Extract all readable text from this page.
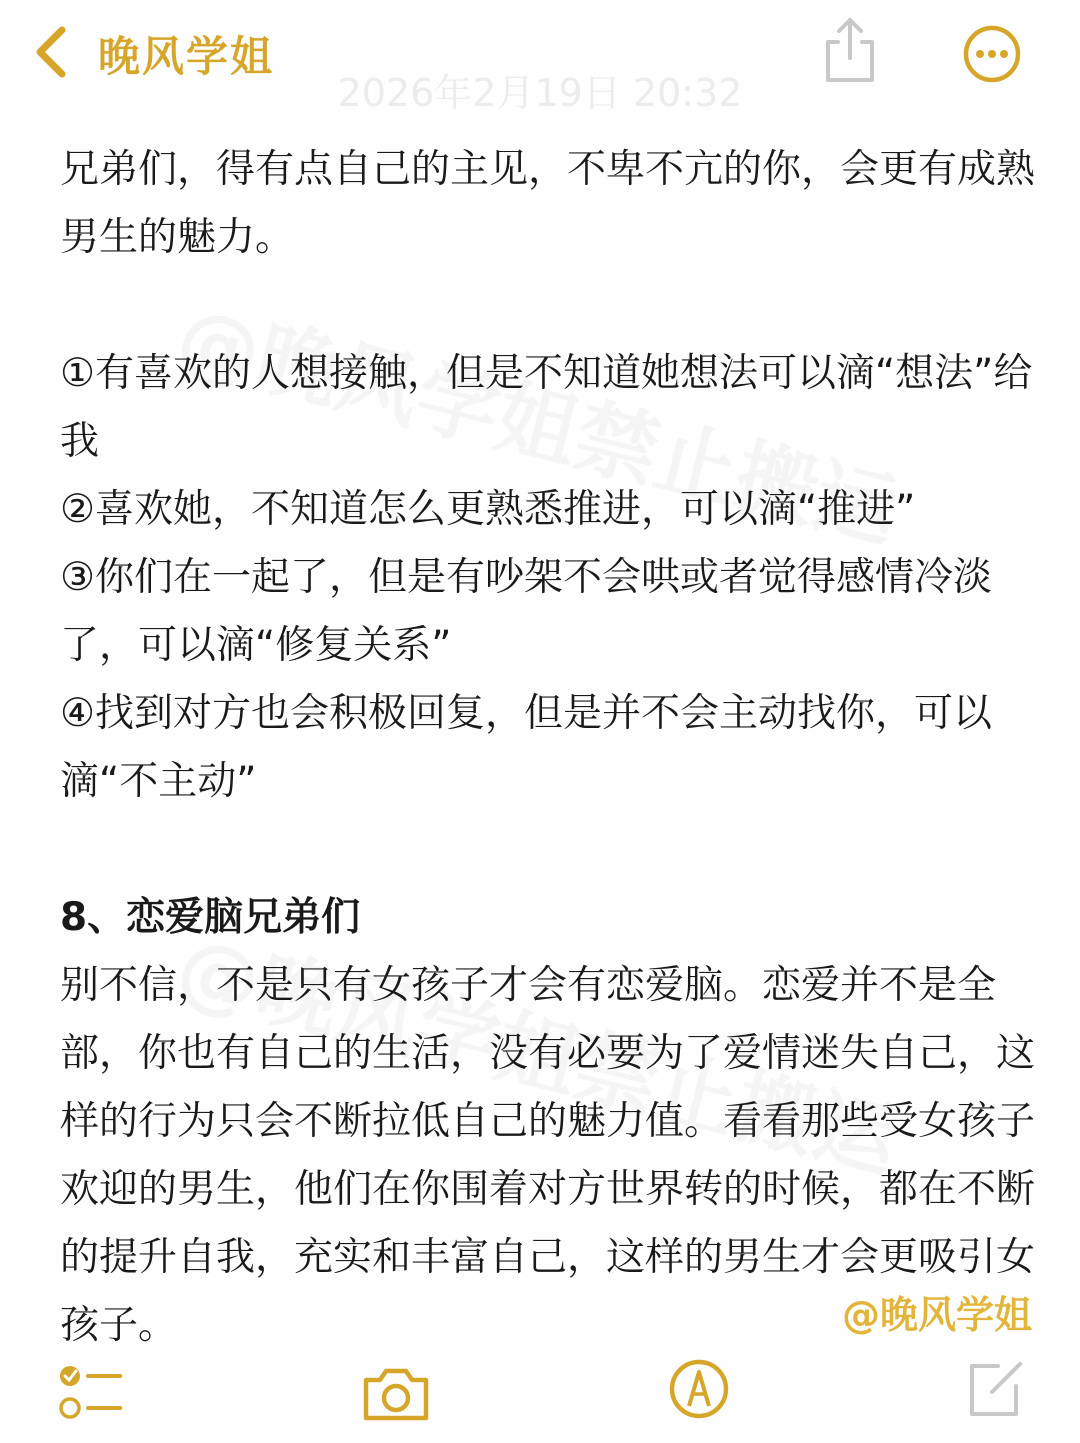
晚风学姐
2026年2月19日 20:32

兄弟们，得有点自己的主见，不卑不亢的你，会更有成熟男生的魅力。

①有喜欢的人想接触，但是不知道她想法可以滴“想法”给我

②喜欢她，不知道怎么更熟悉推进，可以滴“推进”

③你们在一起了，但是有吵架不会哄或者觉得感情冷淡了，可以滴“修复关系”

④找到对方也会积极回复，但是并不会主动找你，可以滴“不主动”

8、恋爱脑兄弟们

别不信，不是只有女孩子才会有恋爱脑。恋爱并不是全部，你也有自己的生活，没有必要为了爱情迷失自己，这样的行为只会不断拉低自己的魅力值。看看那些受女孩子欢迎的男生，他们在你围着对方世界转的时候，都在不断的提升自我，充实和丰富自己，这样的男生才会更吸引女孩子。	@晚风学姐
